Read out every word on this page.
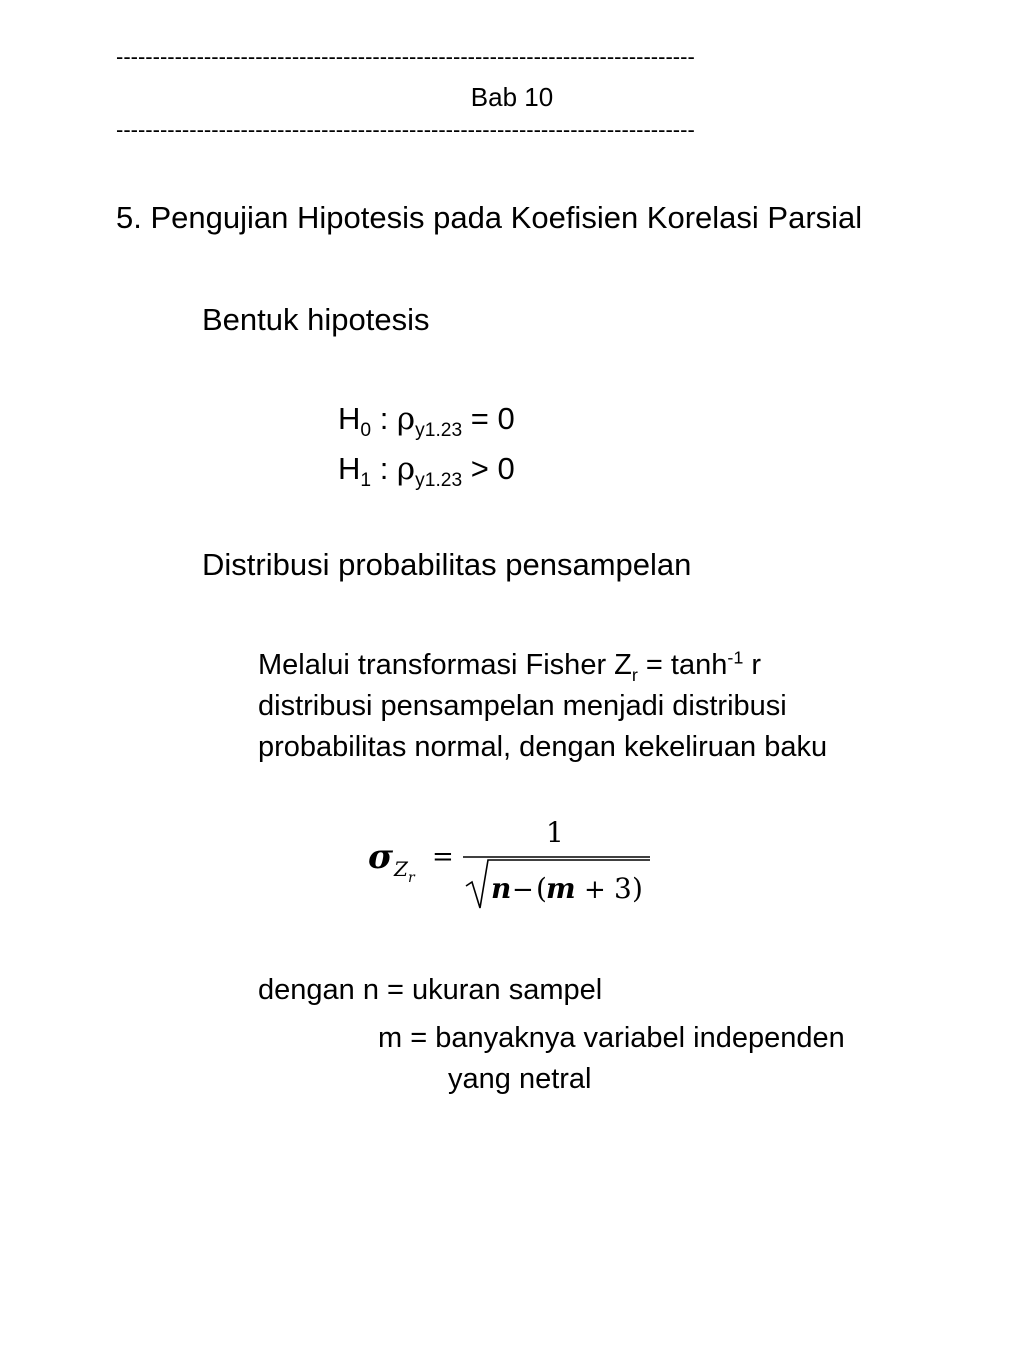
-------------------------------------------------------------------------------
Bab 10
-------------------------------------------------------------------------------
5. Pengujian Hipotesis pada Koefisien Korelasi Parsial
Bentuk hipotesis
$H_0$ : $\rho_{y1.23} = 0$
$H_1$ : $\rho_{y1.23} > 0$
Distribusi probabilitas pensampelan
Melalui transformasi Fisher $Z_r = \tanh^{-1} r$
distribusi pensampelan menjadi distribusi
probabilitas normal, dengan kekeliruan baku
σ Z r
=
1
n − ( m + 3 )
dengan n = ukuran sampel
m = banyaknya variabel independen
yang netral
